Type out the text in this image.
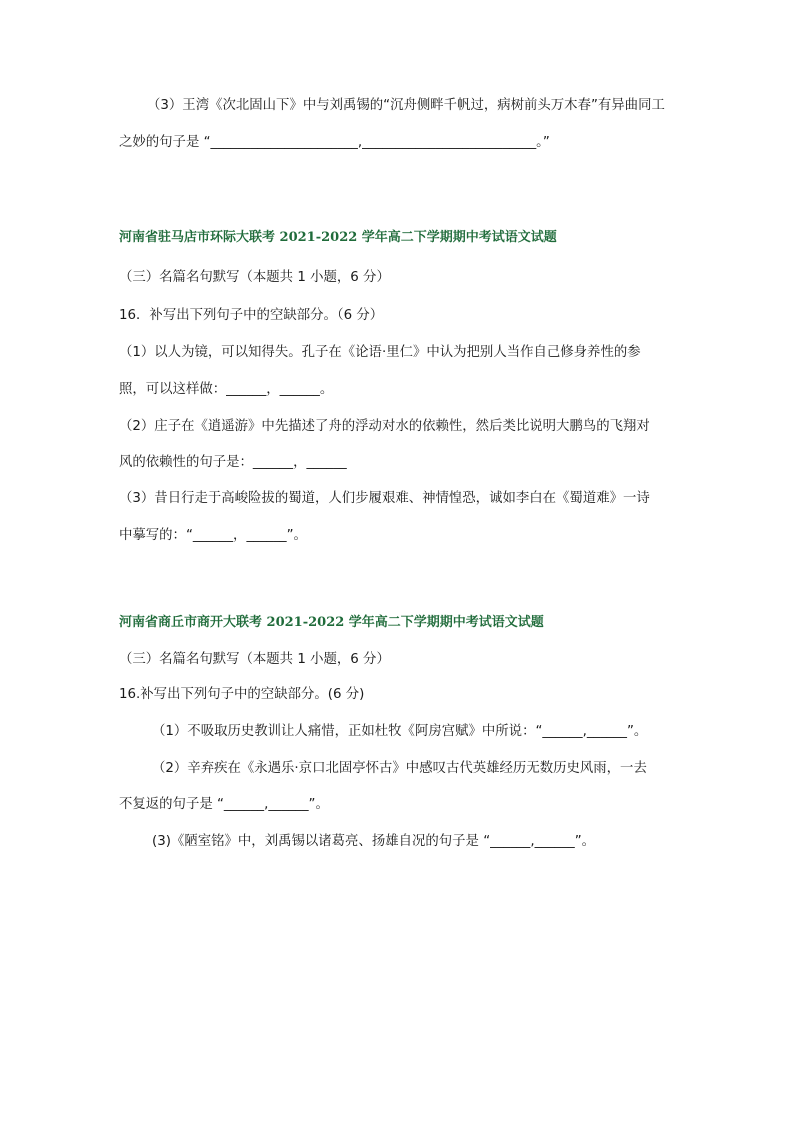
（3）王湾《次北固山下》中与刘禹锡的“沉舟侧畔千帆过，病树前头万木春”有异曲同工
之妙的句子是 “______________________,__________________________。”
河南省驻马店市环际大联考 2021-2022 学年高二下学期期中考试语文试题
（三）名篇名句默写（本题共 1 小题，6 分）
16．补写出下列句子中的空缺部分。（6 分）
（1）以人为镜，可以知得失。孔子在《论语·里仁》中认为把别人当作自己修身养性的参
照，可以这样做：______，______。
（2）庄子在《逍遥游》中先描述了舟的浮动对水的依赖性，然后类比说明大鹏鸟的飞翔对
风的依赖性的句子是：______，______
（3）昔日行走于高峻险拔的蜀道，人们步履艰难、神情惶恐，诚如李白在《蜀道难》一诗
中摹写的：“______，______”。
河南省商丘市商开大联考 2021-2022 学年高二下学期期中考试语文试题
（三）名篇名句默写（本题共 1 小题，6 分）
16.补写出下列句子中的空缺部分。(6 分)
（1）不吸取历史教训让人痛惜，正如杜牧《阿房宫赋》中所说：“______,______”。
（2）辛弃疾在《永遇乐·京口北固亭怀古》中感叹古代英雄经历无数历史风雨，一去
不复返的句子是 “______,______”。
(3)《陋室铭》中，刘禹锡以诸葛亮、扬雄自况的句子是 “______,______”。
